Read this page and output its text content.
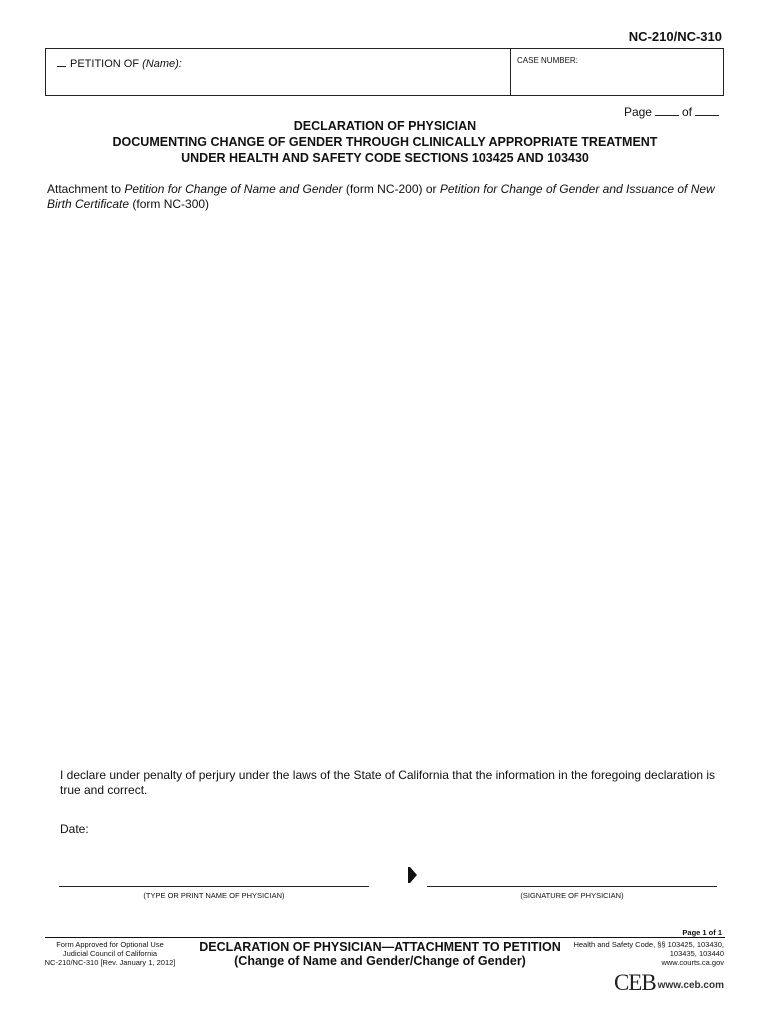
NC-210/NC-310
PETITION OF (Name):	CASE NUMBER:
Page	of
DECLARATION OF PHYSICIAN
DOCUMENTING CHANGE OF GENDER THROUGH CLINICALLY APPROPRIATE TREATMENT
UNDER HEALTH AND SAFETY CODE SECTIONS 103425 AND 103430
Attachment to Petition for Change of Name and Gender (form NC-200) or Petition for Change of Gender and Issuance of New Birth Certificate (form NC-300)
I declare under penalty of perjury under the laws of the State of California that the information in the foregoing declaration is true and correct.
Date:
(TYPE OR PRINT NAME OF PHYSICIAN)	(SIGNATURE OF PHYSICIAN)
Page 1 of 1
Form Approved for Optional Use
Judicial Council of California
NC-210/NC-310 [Rev. January 1, 2012]
DECLARATION OF PHYSICIAN—ATTACHMENT TO PETITION
(Change of Name and Gender/Change of Gender)
Health and Safety Code, §§ 103425, 103430,
103435, 103440
www.courts.ca.gov
CEB www.ceb.com
